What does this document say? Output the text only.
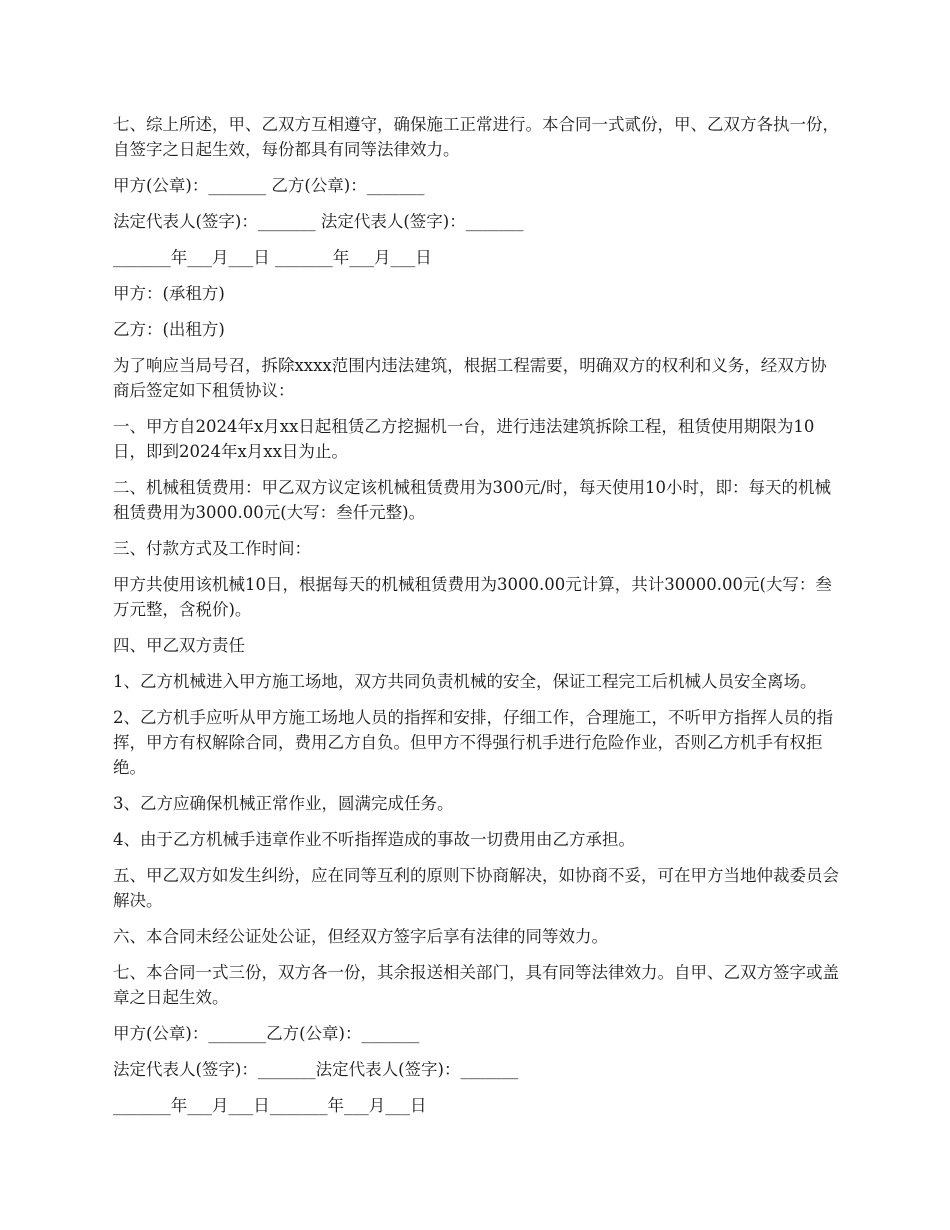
七、综上所述，甲、乙双方互相遵守，确保施工正常进行。本合同一式贰份，甲、乙双方各执一份，自签字之日起生效，每份都具有同等法律效力。

甲方(公章)：_______ 乙方(公章)：_______

法定代表人(签字)：_______ 法定代表人(签字)：_______

_______年___月___日 _______年___月___日

甲方：(承租方)

乙方：(出租方)

为了响应当局号召，拆除xxxx范围内违法建筑，根据工程需要，明确双方的权利和义务，经双方协商后签定如下租赁协议：

一、甲方自2024年x月xx日起租赁乙方挖掘机一台，进行违法建筑拆除工程，租赁使用期限为10日，即到2024年x月xx日为止。

二、机械租赁费用：甲乙双方议定该机械租赁费用为300元/时，每天使用10小时，即：每天的机械租赁费用为3000.00元(大写：叁仟元整)。

三、付款方式及工作时间：

甲方共使用该机械10日，根据每天的机械租赁费用为3000.00元计算，共计30000.00元(大写：叁万元整，含税价)。

四、甲乙双方责任

1、乙方机械进入甲方施工场地，双方共同负责机械的安全，保证工程完工后机械人员安全离场。

2、乙方机手应听从甲方施工场地人员的指挥和安排，仔细工作，合理施工，不听甲方指挥人员的指挥，甲方有权解除合同，费用乙方自负。但甲方不得强行机手进行危险作业，否则乙方机手有权拒绝。

3、乙方应确保机械正常作业，圆满完成任务。

4、由于乙方机械手违章作业不听指挥造成的事故一切费用由乙方承担。

五、甲乙双方如发生纠纷，应在同等互利的原则下协商解决，如协商不妥，可在甲方当地仲裁委员会解决。

六、本合同未经公证处公证，但经双方签字后享有法律的同等效力。

七、本合同一式三份，双方各一份，其余报送相关部门，具有同等法律效力。自甲、乙双方签字或盖章之日起生效。

甲方(公章)：_______乙方(公章)：_______

法定代表人(签字)：_______法定代表人(签字)：_______

_______年___月___日_______年___月___日
